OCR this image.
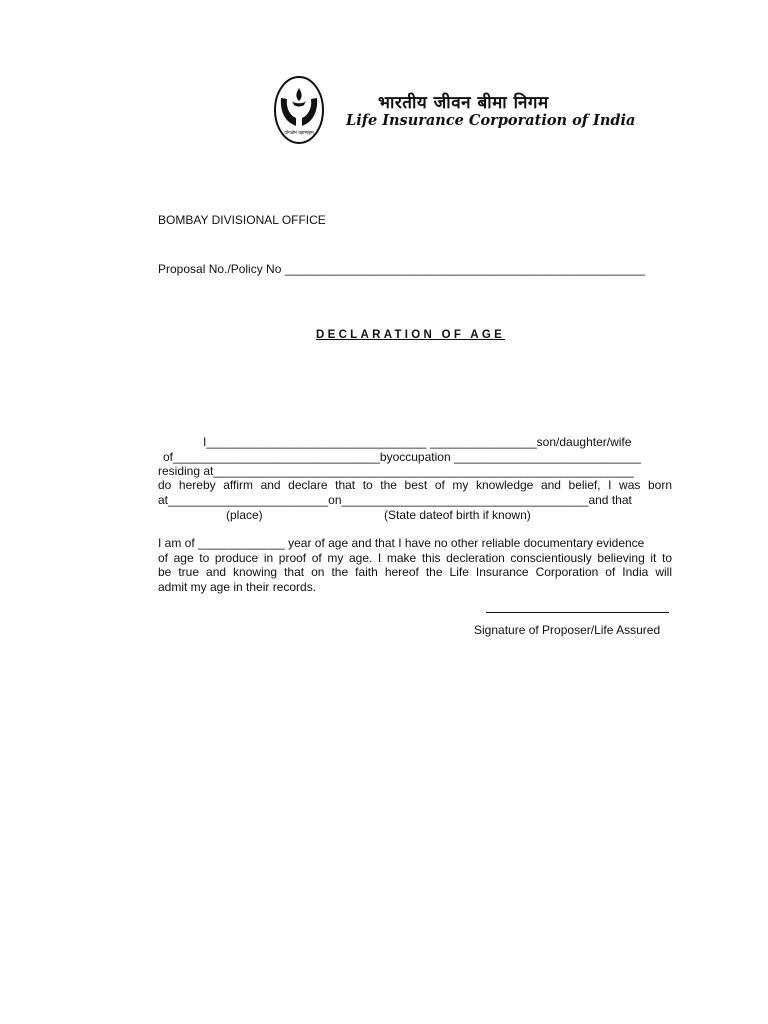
योगक्षेमं वहाम्यहम्
भारतीय जीवन बीमा निगम
Life Insurance Corporation of India
BOMBAY DIVISIONAL OFFICE
Proposal No./Policy No ______________________________________________________
DECLARATION OF AGE
I_________________________________ ________________son/daughter/wife
of_______________________________byoccupation ____________________________
residing at_______________________________________________________________
do hereby affirm and declare that to the best of my knowledge and belief, I was born
at________________________on_____________________________________and that
(place)	(State dateof birth if known)
I am of _____________ year of age and that I have no other reliable documentary evidence
of age to produce in proof of my age. I make this decleration conscientiously believing it to
be true and knowing that on the faith hereof the Life Insurance Corporation of India will
admit my age in their records.
Signature of Proposer/Life Assured
